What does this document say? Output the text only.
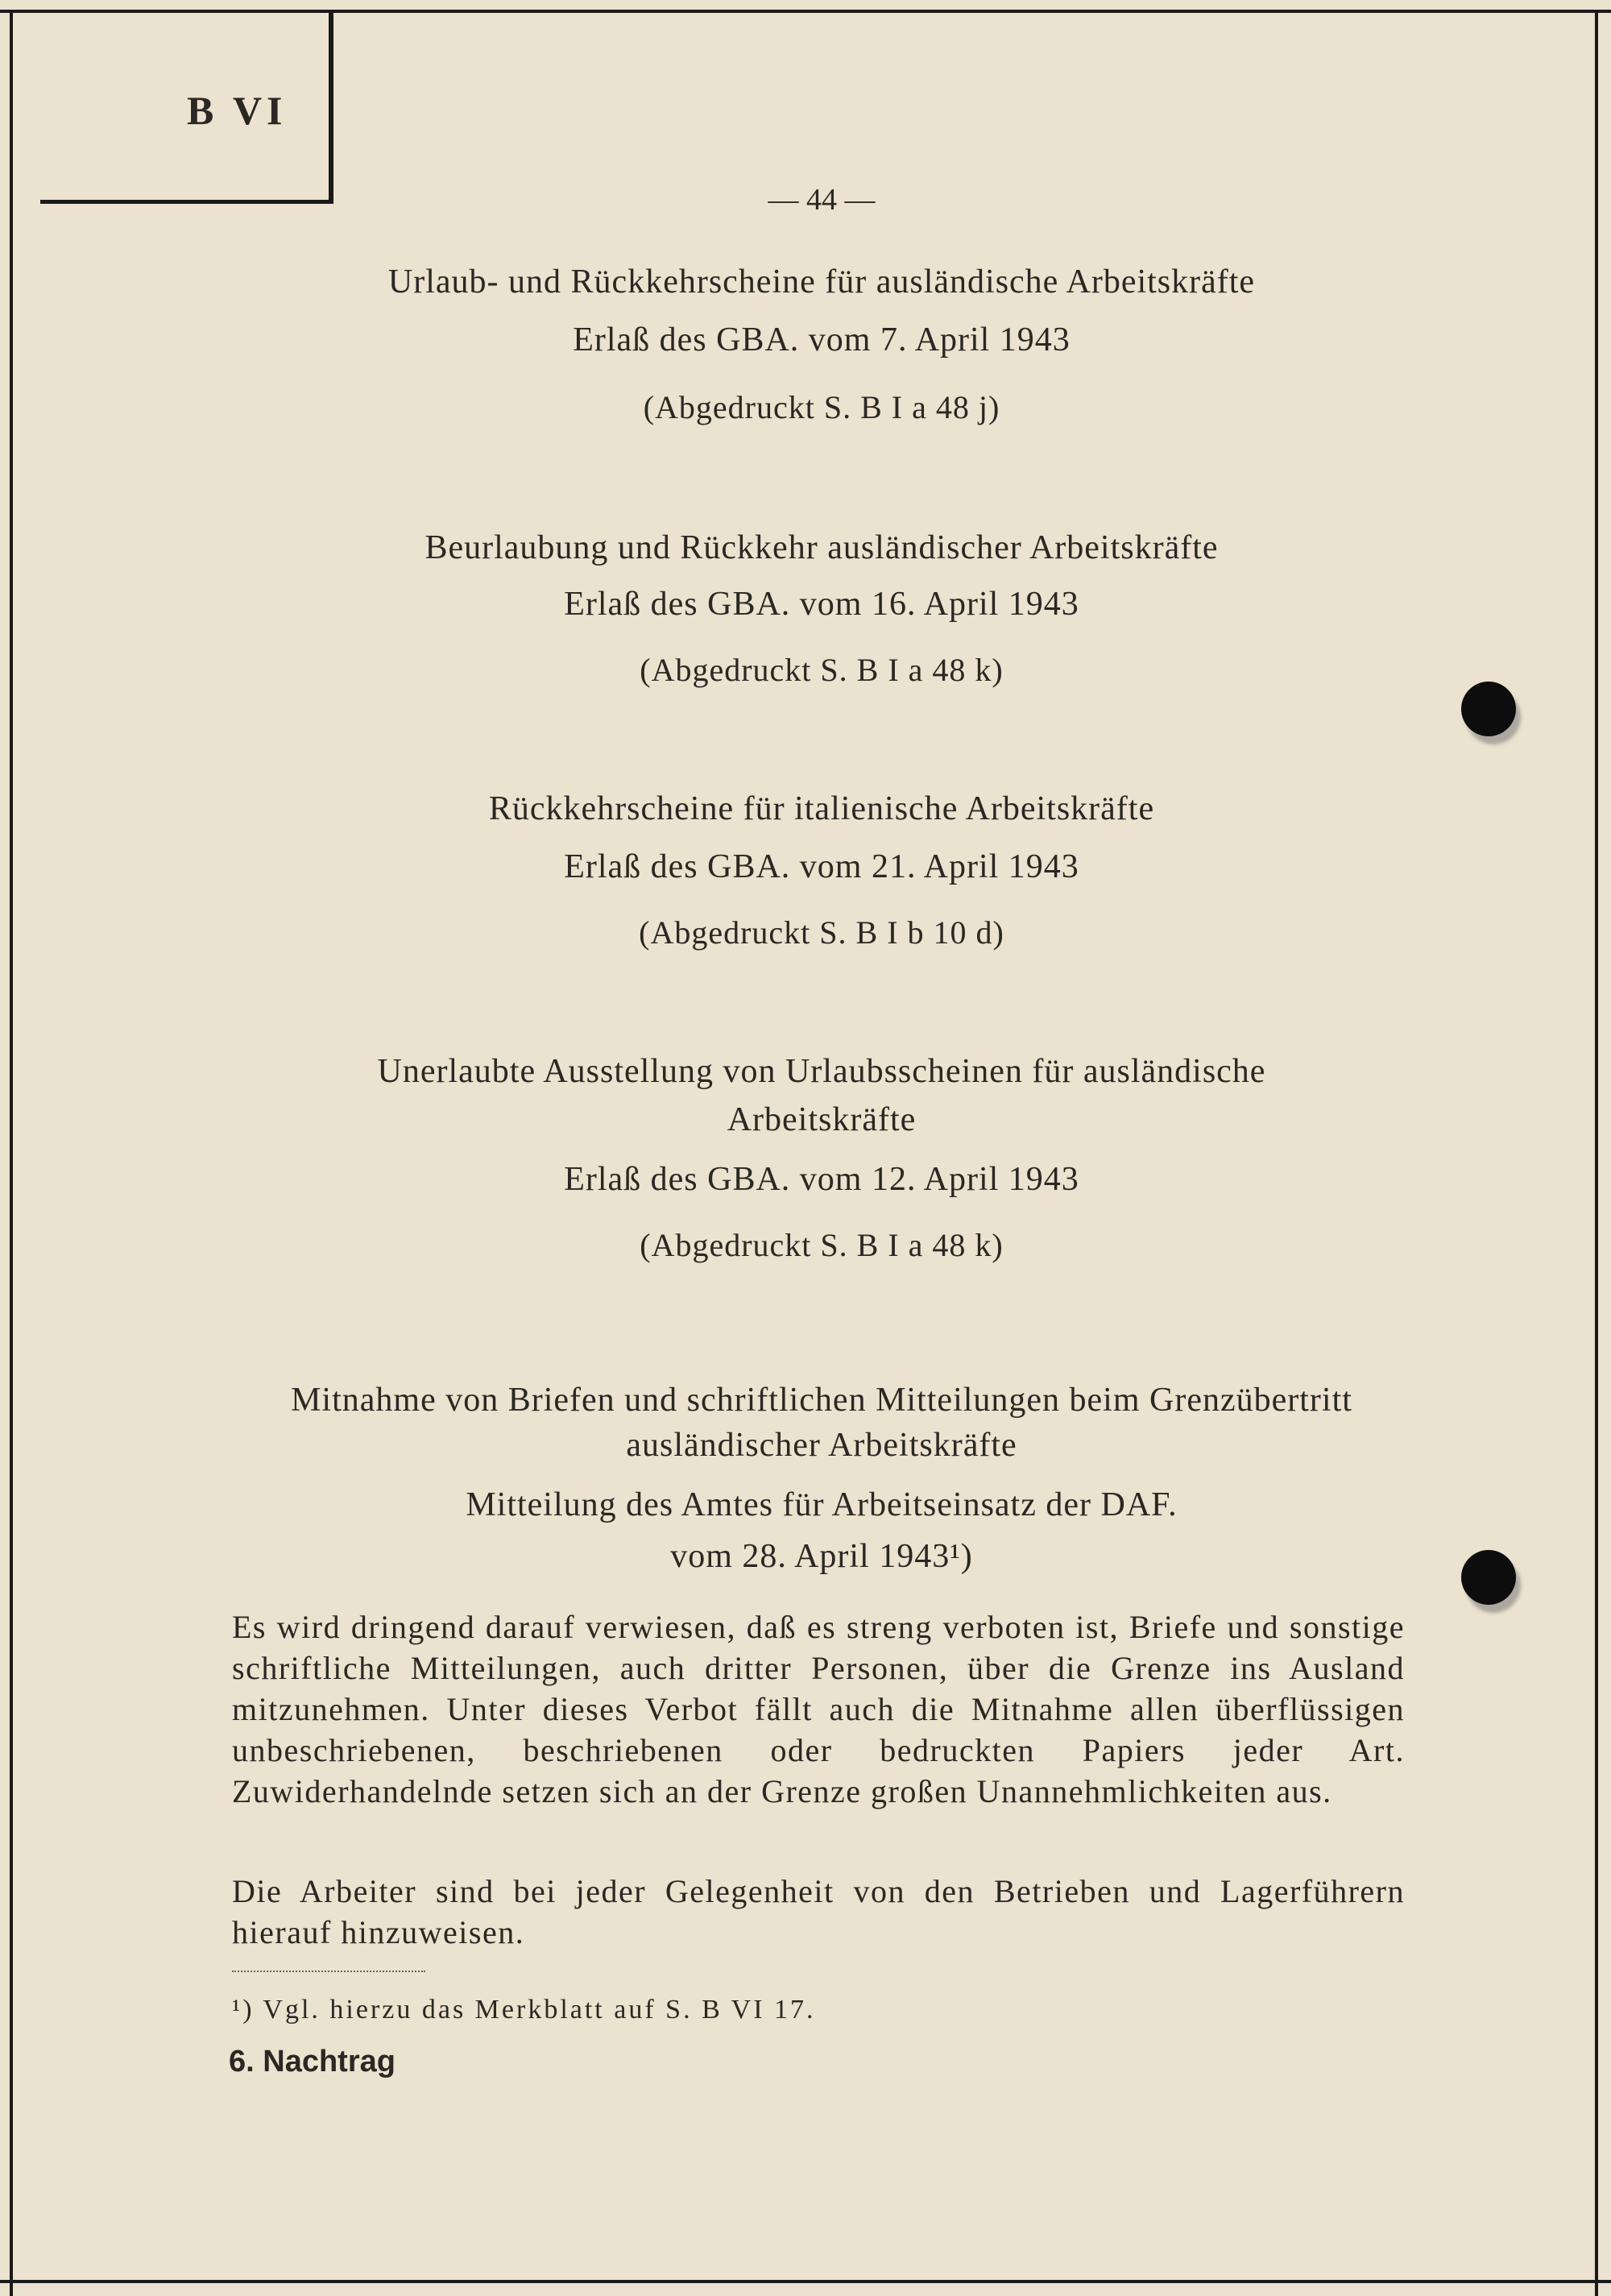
B VI
— 44 —
Urlaub- und Rückkehrscheine für ausländische Arbeitskräfte
Erlaß des GBA. vom 7. April 1943
(Abgedruckt S. B I a 48 j)
Beurlaubung und Rückkehr ausländischer Arbeitskräfte
Erlaß des GBA. vom 16. April 1943
(Abgedruckt S. B I a 48 k)
Rückkehrscheine für italienische Arbeitskräfte
Erlaß des GBA. vom 21. April 1943
(Abgedruckt S. B I b 10 d)
Unerlaubte Ausstellung von Urlaubsscheinen für ausländische
Arbeitskräfte
Erlaß des GBA. vom 12. April 1943
(Abgedruckt S. B I a 48 k)
Mitnahme von Briefen und schriftlichen Mitteilungen beim Grenzübertritt
ausländischer Arbeitskräfte
Mitteilung des Amtes für Arbeitseinsatz der DAF.
vom 28. April 1943¹)
Es wird dringend darauf verwiesen, daß es streng verboten ist, Briefe und sonstige schriftliche Mitteilungen, auch dritter Personen, über die Grenze ins Ausland mitzunehmen. Unter dieses Verbot fällt auch die Mitnahme allen überflüssigen unbeschriebenen, beschriebenen oder bedruckten Papiers jeder Art. Zuwiderhandelnde setzen sich an der Grenze großen Unannehmlichkeiten aus.
Die Arbeiter sind bei jeder Gelegenheit von den Betrieben und Lagerführern hierauf hinzuweisen.
¹) Vgl. hierzu das Merkblatt auf S. B VI 17.
6. Nachtrag
